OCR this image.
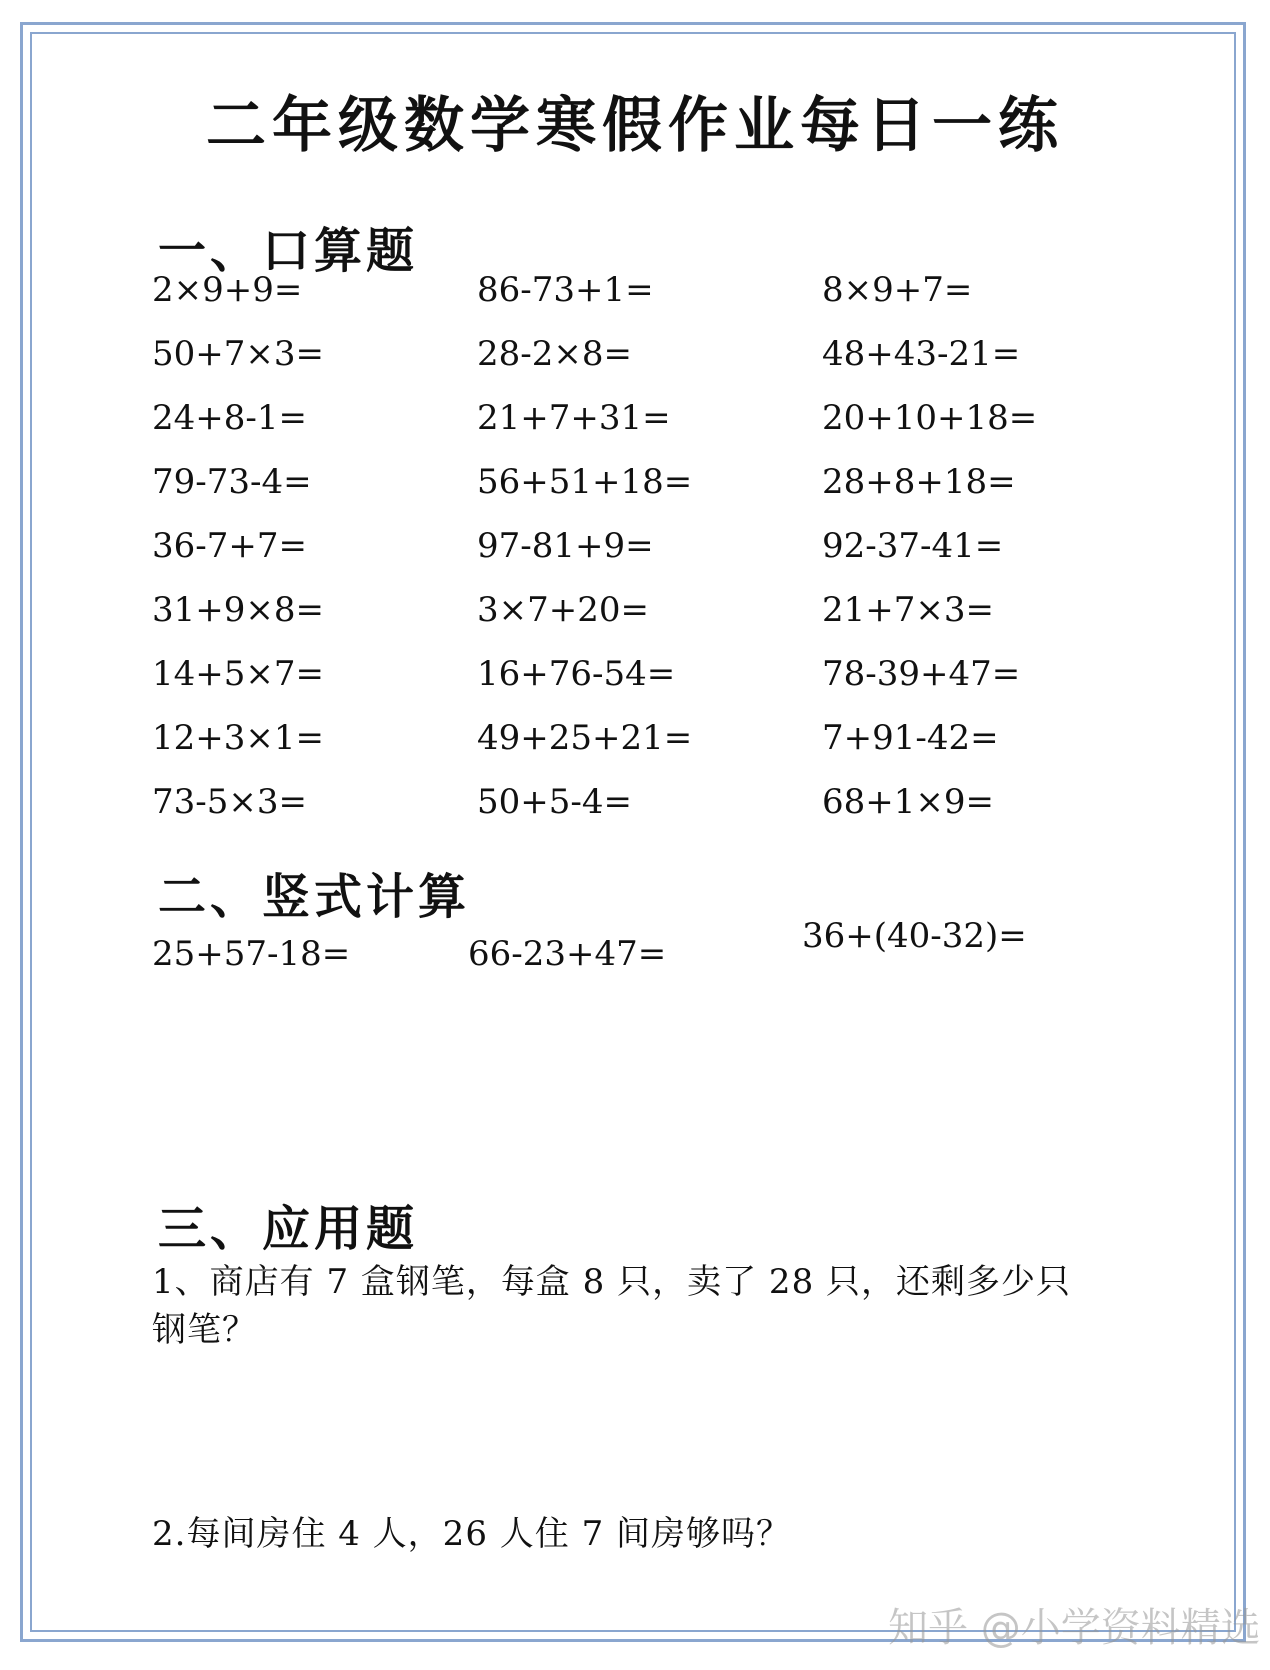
二年级数学寒假作业每日一练
一、口算题
2×9+9=	86-73+1=	8×9+7=
50+7×3=	28-2×8=	48+43-21=
24+8-1=	21+7+31=	20+10+18=
79-73-4=	56+51+18=	28+8+18=
36-7+7=	97-81+9=	92-37-41=
31+9×8=	3×7+20=	21+7×3=
14+5×7=	16+76-54=	78-39+47=
12+3×1=	49+25+21=	7+91-42=
73-5×3=	50+5-4=	68+1×9=
二、竖式计算
25+57-18=	66-23+47=	36+(40-32)=
三、应用题

1、商店有 7 盒钢笔，每盒 8 只，卖了 28 只，还剩多少只钢笔？

2.每间房住 4 人，26 人住 7 间房够吗？

知乎 @小学资料精选
